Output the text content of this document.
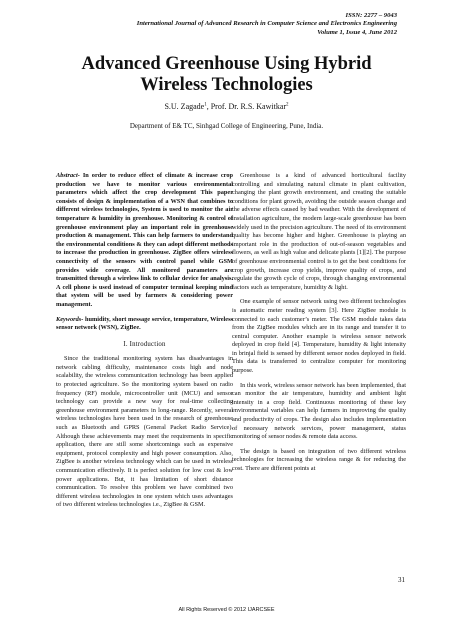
ISSN: 2277 – 9043
International Journal of Advanced Research in Computer Science and Electronics Engineering
Volume 1, Issue 4, June 2012
Advanced Greenhouse Using Hybrid
Wireless Technologies
S.U. Zagade$^1$, Prof. Dr. R.S. Kawitkar$^2$
Department of E& TC, Sinhgad College of Engineering, Pune, India.

Abstract- In order to reduce effect of climate & increase crop production we have to monitor various environmental parameters which affect the crop development This paper consists of design & implementation of a WSN that combines to different wireless technologies, System is used to monitor the air temperature & humidity in greenhouse. Monitoring & control of greenhouse environment play an important role in greenhouse production & management. This can help farmers to understand the environmental conditions & they can adopt different methods to increase the production in greenhouse. ZigBee offers wireless connectivity of the sensors with control panel while GSM provides wide coverage. All monitored parameters are transmitted through a wireless link to cellular device for analysis. A cell phone is used instead of computer terminal keeping mind that system will be used by farmers & considering power management.

Keywords- humidity, short message service, temperature, Wireless sensor network (WSN), ZigBee.

I. Introduction

Since the traditional monitoring system has disadvantages in network cabling difficulty, maintenance costs high and node scalability, the wireless communication technology has been applied to protected agriculture. So the monitoring system based on radio frequency (RF) module, microcontroller unit (MCU) and sensor technology can provide a new way for real-time collecting greenhouse environment parameters in long-range. Recently, several wireless technologies have been used in the research of greenhouse such as Bluetooth and GPRS (General Packet Radio Service). Although these achievements may meet the requirements in specific application, there are still some shortcomings such as expensive equipment, protocol complexity and high power consumption. Also, ZigBee is another wireless technology which can be used in wireless communication effectively. It is perfect solution for low cost & low power applications. But, it has limitation of short distance communication. To resolve this problem we have combined two different wireless technologies in one system which uses advantages of two different wireless technologies i.e., ZigBee & GSM.

Greenhouse is a kind of advanced horticultural facility controlling and simulating natural climate in plant cultivation, changing the plant growth environment, and creating the suitable conditions for plant growth, avoiding the outside season change and the adverse effects caused by bad weather. With the development of installation agriculture, the modern large-scale greenhouse has been widely used in the precision agriculture. The need of its environment quality has become higher and higher. Greenhouse is playing an important role in the production of out-of-season vegetables and flowers, as well as high value and delicate plants [1][2]. The purpose of greenhouse environmental control is to get the best conditions for crop growth, increase crop yields, improve quality of crops, and regulate the growth cycle of crops, through changing environmental factors such as temperature, humidity & light.

One example of sensor network using two different technologies is automatic meter reading system [3]. Here ZigBee module is connected to each customer’s meter. The GSM module takes data from the ZigBee modules which are in its range and transfer it to central computer. Another example is wireless sensor network deployed in crop field [4]. Temperature, humidity & light intensity in brinjal field is sensed by different sensor nodes deployed in field. This data is transferred to centralize computer for monitoring purpose.

In this work, wireless sensor network has been implemented, that can monitor the air temperature, humidity and ambient light intensity in a crop field. Continuous monitoring of these key environmental variables can help farmers in improving the quality and productivity of crops. The design also includes implementation of necessary network services, power management, status monitoring of sensor nodes & remote data access.

The design is based on integration of two different wireless technologies for increasing the wireless range & for reducing the cost. There are different points at

31
All Rights Reserved © 2012 IJARCSEE
